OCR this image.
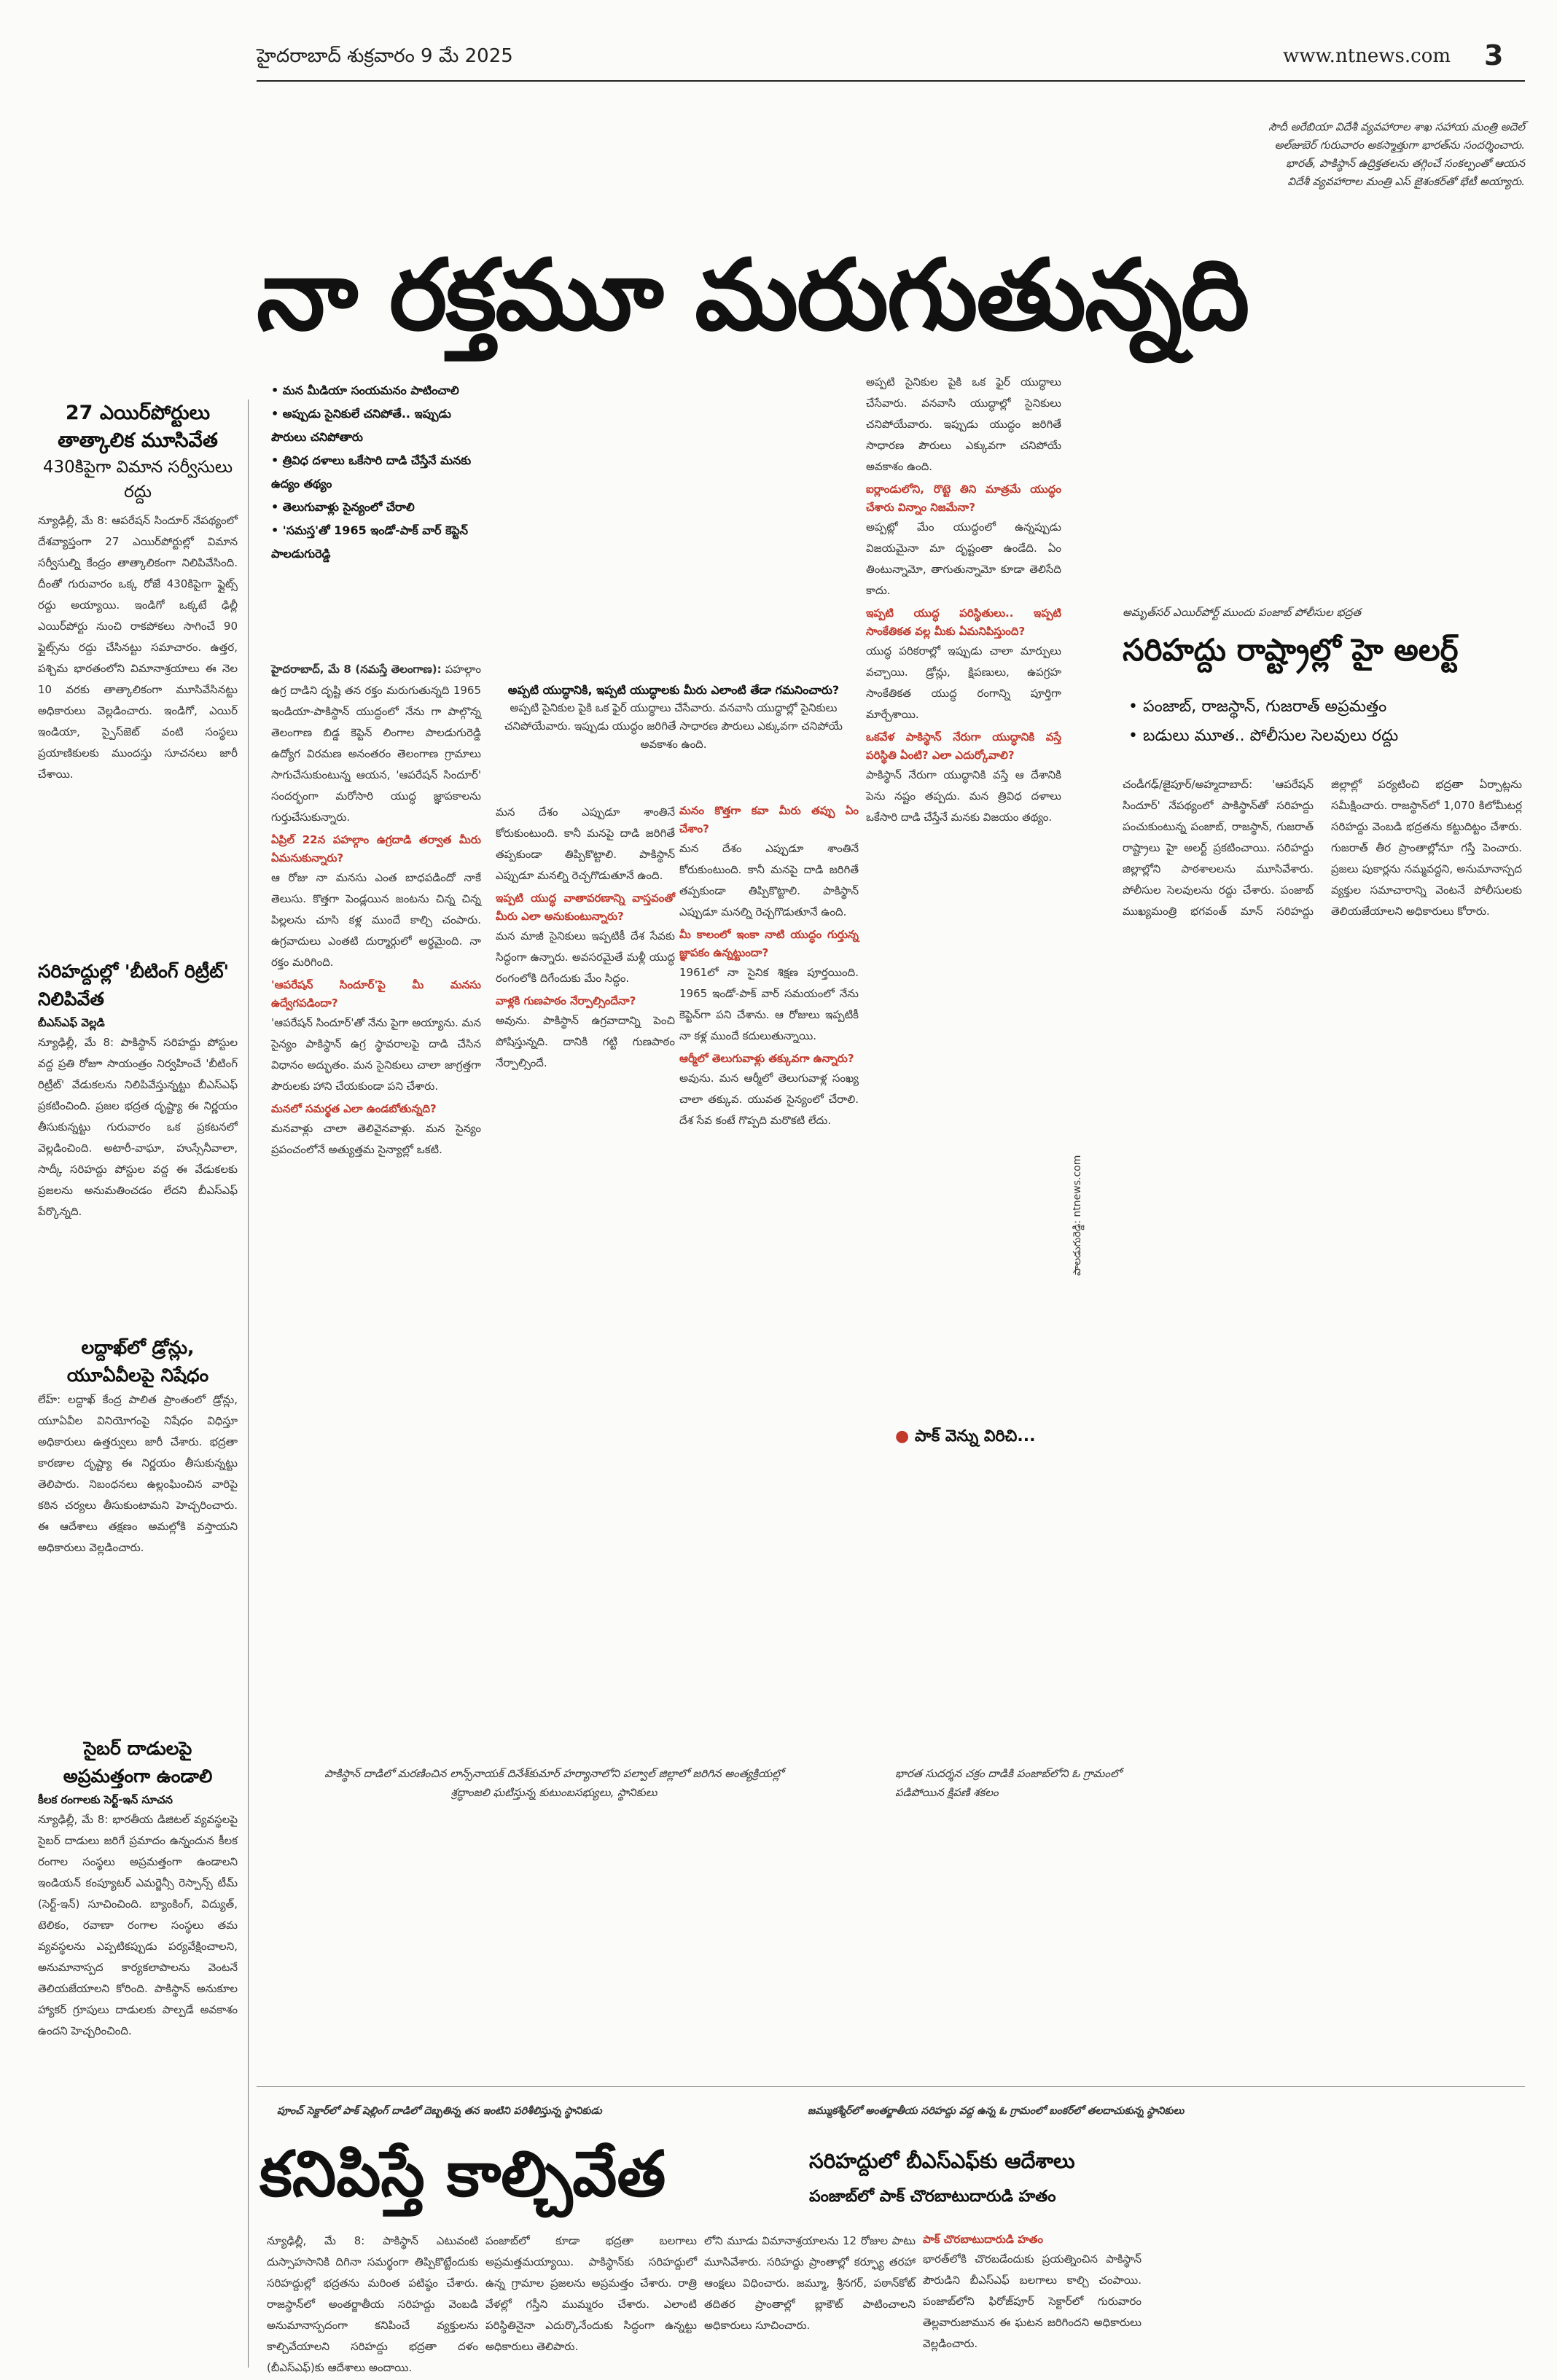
హైదరాబాద్ శుక్రవారం 9 మే 2025	www.ntnews.com 3
సౌదీ అరేబియా విదేశీ వ్యవహారాల శాఖ సహాయ మంత్రి అదెల్ అల్‌జుబెర్ గురువారం అకస్మాత్తుగా భారత్‌ను సందర్శించారు. భారత్, పాకిస్థాన్ ఉద్రిక్తతలను తగ్గించే సంకల్పంతో ఆయన విదేశీ వ్యవహారాల మంత్రి ఎస్ జైశంకర్‌తో భేటీ అయ్యారు.
నా రక్తమూ మరుగుతున్నది
27 ఎయిర్‌పోర్టులు తాత్కాలిక మూసివేత
430కిపైగా విమాన సర్వీసులు రద్దు
న్యూఢిల్లీ, మే 8: ఆపరేషన్ సిందూర్ నేపథ్యంలో దేశవ్యాప్తంగా 27 ఎయిర్‌పోర్టుల్లో విమాన సర్వీసుల్ని కేంద్రం తాత్కాలికంగా నిలిపివేసింది. దీంతో గురువారం ఒక్క రోజే 430కిపైగా ఫ్లైట్స్ రద్దు అయ్యాయి. ఇండిగో ఒక్కటే ఢిల్లీ ఎయిర్‌పోర్టు నుంచి రాకపోకలు సాగించే 90 ఫ్లైట్స్‌ను రద్దు చేసినట్టు సమాచారం. ఉత్తర, పశ్చిమ భారతంలోని విమానాశ్రయాలు ఈ నెల 10 వరకు తాత్కాలికంగా మూసివేసినట్టు అధికారులు వెల్లడించారు. ఇండిగో, ఎయిర్ ఇండియా, స్పైస్‌జెట్ వంటి సంస్థలు ప్రయాణికులకు ముందస్తు సూచనలు జారీ చేశాయి.
సరిహద్దుల్లో 'బీటింగ్ రిట్రీట్' నిలిపివేత
బీఎస్‌ఎఫ్ వెల్లడి
న్యూఢిల్లీ, మే 8: పాకిస్థాన్ సరిహద్దు పోస్టుల వద్ద ప్రతి రోజూ సాయంత్రం నిర్వహించే 'బీటింగ్ రిట్రీట్' వేడుకలను నిలిపివేస్తున్నట్టు బీఎస్‌ఎఫ్ ప్రకటించింది. ప్రజల భద్రత దృష్ట్యా ఈ నిర్ణయం తీసుకున్నట్టు గురువారం ఒక ప్రకటనలో వెల్లడించింది. అటారీ-వాఘా, హుస్సేనీవాలా, సాద్కీ సరిహద్దు పోస్టుల వద్ద ఈ వేడుకలకు ప్రజలను అనుమతించడం లేదని బీఎస్‌ఎఫ్ పేర్కొన్నది.
లద్దాఖ్‌లో డ్రోన్లు, యూఏవీలపై నిషేధం
లేహ్: లద్దాఖ్ కేంద్ర పాలిత ప్రాంతంలో డ్రోన్లు, యూఏవీల వినియోగంపై నిషేధం విధిస్తూ అధికారులు ఉత్తర్వులు జారీ చేశారు. భద్రతా కారణాల దృష్ట్యా ఈ నిర్ణయం తీసుకున్నట్టు తెలిపారు. నిబంధనలు ఉల్లంఘించిన వారిపై కఠిన చర్యలు తీసుకుంటామని హెచ్చరించారు. ఈ ఆదేశాలు తక్షణం అమల్లోకి వస్తాయని అధికారులు వెల్లడించారు.
సైబర్ దాడులపై అప్రమత్తంగా ఉండాలి
కీలక రంగాలకు సెర్ట్-ఇన్ సూచన
న్యూఢిల్లీ, మే 8: భారతీయ డిజిటల్ వ్యవస్థలపై సైబర్ దాడులు జరిగే ప్రమాదం ఉన్నందున కీలక రంగాల సంస్థలు అప్రమత్తంగా ఉండాలని ఇండియన్ కంప్యూటర్ ఎమర్జెన్సీ రెస్పాన్స్ టీమ్ (సెర్ట్-ఇన్) సూచించింది. బ్యాంకింగ్, విద్యుత్, టెలికం, రవాణా రంగాల సంస్థలు తమ వ్యవస్థలను ఎప్పటికప్పుడు పర్యవేక్షించాలని, అనుమానాస్పద కార్యకలాపాలను వెంటనే తెలియజేయాలని కోరింది. పాకిస్థాన్ అనుకూల హ్యాకర్ గ్రూపులు దాడులకు పాల్పడే అవకాశం ఉందని హెచ్చరించింది.
• మన మీడియా సంయమనం పాటించాలి
• అప్పుడు సైనికులే చనిపోతే.. ఇప్పుడు పౌరులు చనిపోతారు
• త్రివిధ దళాలు ఒకేసారి దాడి చేస్తేనే మనకు ఉద్యం తథ్యం
• తెలుగువాళ్లు సైన్యంలో చేరాలి
• 'సమస్త'తో 1965 ఇండో-పాక్ వార్ కెప్టెన్ పాలడుగురెడ్డి

హైదరాబాద్, మే 8 (నమస్తే తెలంగాణ): పహల్గాం ఉగ్ర దాడిని దృష్టి తన రక్తం మరుగుతున్నది 1965 ఇండియా-పాకిస్థాన్ యుద్ధంలో నేను గా పాల్గొన్న తెలంగాణ బిడ్డ కెప్టెన్ లింగాల పాలడుగురెడ్డి ఉద్యోగ విరమణ అనంతరం తెలంగాణ గ్రామాలు సాగుచేసుకుంటున్న ఆయన, 'ఆపరేషన్ సిందూర్' సందర్భంగా మరోసారి యుద్ధ జ్ఞాపకాలను గుర్తుచేసుకున్నారు.

ఏప్రిల్ 22న పహల్గాం ఉగ్రదాడి తర్వాత మీరు ఏమనుకున్నారు?

ఆ రోజు నా మనసు ఎంత బాధపడిందో నాకే తెలుసు. కొత్తగా పెండ్లయిన జంటను చిన్న చిన్న పిల్లలను చూసి కళ్ల ముందే కాల్చి చంపారు. ఉగ్రవాదులు ఎంతటి దుర్మార్గులో అర్థమైంది. నా రక్తం మరిగింది.

'ఆపరేషన్ సిందూర్'పై మీ మనసు ఉద్వేగపడిందా?

'ఆపరేషన్ సిందూర్'తో నేను పైగా అయ్యాను. మన సైన్యం పాకిస్థాన్ ఉగ్ర స్థావరాలపై దాడి చేసిన విధానం అద్భుతం. మన సైనికులు చాలా జాగ్రత్తగా పౌరులకు హాని చేయకుండా పని చేశారు.

మనలో సమర్థత ఎలా ఉండబోతున్నది?

మనవాళ్లు చాలా తెలివైనవాళ్లు. మన సైన్యం ప్రపంచంలోనే అత్యుత్తమ సైన్యాల్లో ఒకటి.

అప్పటి యుద్ధానికి, ఇప్పటి యుద్ధాలకు మీరు ఎలాంటి తేడా గమనించారు?
అప్పటి సైనికుల పైకి ఒక ఫైర్ యుద్ధాలు చేసేవారు. వనవాసి యుద్ధాల్లో సైనికులు చనిపోయేవారు. ఇప్పుడు యుద్ధం జరిగితే సాధారణ పౌరులు ఎక్కువగా చనిపోయే అవకాశం ఉంది.

మన దేశం ఎప్పుడూ శాంతినే కోరుకుంటుంది. కానీ మనపై దాడి జరిగితే తప్పకుండా తిప్పికొట్టాలి. పాకిస్థాన్ ఎప్పుడూ మనల్ని రెచ్చగొడుతూనే ఉంది.

ఇప్పటి యుద్ధ వాతావరణాన్ని వాస్తవంతో మీరు ఎలా అనుకుంటున్నారు?

మన మాజీ సైనికులు ఇప్పటికీ దేశ సేవకు సిద్ధంగా ఉన్నారు. అవసరమైతే మళ్లీ యుద్ధ రంగంలోకి దిగేందుకు మేం సిద్ధం.

వాళ్లకి గుణపాఠం నేర్పాల్సిందేనా?

అవును. పాకిస్థాన్ ఉగ్రవాదాన్ని పెంచి పోషిస్తున్నది. దానికి గట్టి గుణపాఠం నేర్పాల్సిందే.

మనం కొత్తగా కవా మీరు తప్పు ఏం చేశాం?

మన దేశం ఎప్పుడూ శాంతినే కోరుకుంటుంది. కానీ మనపై దాడి జరిగితే తప్పకుండా తిప్పికొట్టాలి. పాకిస్థాన్ ఎప్పుడూ మనల్ని రెచ్చగొడుతూనే ఉంది.

మీ కాలంలో ఇంకా నాటి యుద్ధం గుర్తున్న జ్ఞాపకం ఉన్నట్టుందా?

1961లో నా సైనిక శిక్షణ పూర్తయింది. 1965 ఇండో-పాక్ వార్ సమయంలో నేను కెప్టెన్‌గా పని చేశాను. ఆ రోజులు ఇప్పటికీ నా కళ్ల ముందే కదులుతున్నాయి.

ఆర్మీలో తెలుగువాళ్లు తక్కువగా ఉన్నారు?

అవును. మన ఆర్మీలో తెలుగువాళ్ల సంఖ్య చాలా తక్కువ. యువత సైన్యంలో చేరాలి. దేశ సేవ కంటే గొప్పది మరొకటి లేదు.

అప్పటి సైనికుల పైకి ఒక ఫైర్ యుద్ధాలు చేసేవారు. వనవాసి యుద్ధాల్లో సైనికులు చనిపోయేవారు. ఇప్పుడు యుద్ధం జరిగితే సాధారణ పౌరులు ఎక్కువగా చనిపోయే అవకాశం ఉంది.

ఐర్లాండులోని, రొట్టె తిని మాత్రమే యుద్ధం చేశారు విన్నాం నిజమేనా?

అప్పట్లో మేం యుద్ధంలో ఉన్నప్పుడు విజయమైనా మా దృష్టంతా ఉండేది. ఏం తింటున్నామో, తాగుతున్నామో కూడా తెలిసేది కాదు.

ఇప్పటి యుద్ధ పరిస్థితులు.. ఇప్పటి సాంకేతికత వల్ల మీకు ఏమనిపిస్తుంది?

యుద్ధ పరికరాల్లో ఇప్పుడు చాలా మార్పులు వచ్చాయి. డ్రోన్లు, క్షిపణులు, ఉపగ్రహ సాంకేతికత యుద్ధ రంగాన్ని పూర్తిగా మార్చేశాయి.

ఒకవేళ పాకిస్థాన్‌ నేరుగా యుద్ధానికి వస్తే పరిస్థితి ఏంటి? ఎలా ఎదుర్కోవాలి?

పాకిస్థాన్ నేరుగా యుద్ధానికి వస్తే ఆ దేశానికి పెను నష్టం తప్పదు. మన త్రివిధ దళాలు ఒకేసారి దాడి చేస్తేనే మనకు విజయం తథ్యం.

పాలడుగురెడ్డి: ntnews.com
● పాక్ వెన్ను విరిచి...
అమృత్‌సర్ ఎయిర్‌పోర్ట్ ముందు పంజాబ్ పోలీసుల భద్రత
సరిహద్దు రాష్ట్రాల్లో హై అలర్ట్
• పంజాబ్, రాజస్థాన్, గుజరాత్ అప్రమత్తం
• బడులు మూత.. పోలీసుల సెలవులు రద్దు
చండీగఢ్/జైపూర్/అహ్మదాబాద్: 'ఆపరేషన్ సిందూర్' నేపథ్యంలో పాకిస్థాన్‌తో సరిహద్దు పంచుకుంటున్న పంజాబ్, రాజస్థాన్, గుజరాత్ రాష్ట్రాలు హై అలర్ట్ ప్రకటించాయి. సరిహద్దు జిల్లాల్లోని పాఠశాలలను మూసివేశారు. పోలీసుల సెలవులను రద్దు చేశారు. పంజాబ్ ముఖ్యమంత్రి భగవంత్ మాన్ సరిహద్దు జిల్లాల్లో పర్యటించి భద్రతా ఏర్పాట్లను సమీక్షించారు. రాజస్థాన్‌లో 1,070 కిలోమీటర్ల సరిహద్దు వెంబడి భద్రతను కట్టుదిట్టం చేశారు. గుజరాత్ తీర ప్రాంతాల్లోనూ గస్తీ పెంచారు. ప్రజలు పుకార్లను నమ్మవద్దని, అనుమానాస్పద వ్యక్తుల సమాచారాన్ని వెంటనే పోలీసులకు తెలియజేయాలని అధికారులు కోరారు.
పాకిస్థాన్ దాడిలో మరణించిన లాన్స్‌నాయక్ దినేశ్‌కుమార్ హర్యానాలోని పల్వాల్ జిల్లాలో జరిగిన అంత్యక్రియల్లో శ్రద్ధాంజలి ఘటిస్తున్న కుటుంబసభ్యులు, స్థానికులు
భారత సుదర్శన చక్రం దాడికి పంజాబ్‌లోని ఓ గ్రామంలో పడిపోయిన క్షిపణి శకలం
పూంచ్ సెక్టార్‌లో పాక్ షెల్లింగ్ దాడిలో దెబ్బతిన్న తన ఇంటిని పరిశీలిస్తున్న స్థానికుడు	జమ్ముకశ్మీర్‌లో అంతర్జాతీయ సరిహద్దు వద్ద ఉన్న ఓ గ్రామంలో బంకర్‌లో తలదాచుకున్న స్థానికులు
కనిపిస్తే కాల్చివేత	సరిహద్దులో బీఎస్‌ఎఫ్‌కు ఆదేశాలు
పంజాబ్‌లో పాక్ చొరబాటుదారుడి హతం
న్యూఢిల్లీ, మే 8: పాకిస్థాన్ ఎటువంటి దుస్సాహసానికి దిగినా సమర్థంగా తిప్పికొట్టేందుకు సరిహద్దుల్లో భద్రతను మరింత పటిష్ఠం చేశారు. రాజస్థాన్‌లో అంతర్జాతీయ సరిహద్దు వెంబడి అనుమానాస్పదంగా కనిపించే వ్యక్తులను కాల్చివేయాలని సరిహద్దు భద్రతా దళం (బీఎస్‌ఎఫ్)కు ఆదేశాలు అందాయి.
పంజాబ్‌లో కూడా భద్రతా బలగాలు అప్రమత్తమయ్యాయి. పాకిస్థాన్‌కు సరిహద్దులో ఉన్న గ్రామాల ప్రజలను అప్రమత్తం చేశారు. రాత్రి వేళల్లో గస్తీని ముమ్మరం చేశారు. ఎలాంటి పరిస్థితినైనా ఎదుర్కొనేందుకు సిద్ధంగా ఉన్నట్టు అధికారులు తెలిపారు.
లోని మూడు విమానాశ్రయాలను 12 రోజుల పాటు మూసివేశారు. సరిహద్దు ప్రాంతాల్లో కర్ఫ్యూ తరహా ఆంక్షలు విధించారు. జమ్మూ, శ్రీనగర్, పఠాన్‌కోట్ తదితర ప్రాంతాల్లో బ్లాకౌట్ పాటించాలని అధికారులు సూచించారు.
పాక్ చొరబాటుదారుడి హతం

భారత్‌లోకి చొరబడేందుకు ప్రయత్నించిన పాకిస్థాన్ పౌరుడిని బీఎస్‌ఎఫ్ బలగాలు కాల్చి చంపాయి. పంజాబ్‌లోని ఫిరోజ్‌పూర్ సెక్టార్‌లో గురువారం తెల్లవారుజామున ఈ ఘటన జరిగిందని అధికారులు వెల్లడించారు.
